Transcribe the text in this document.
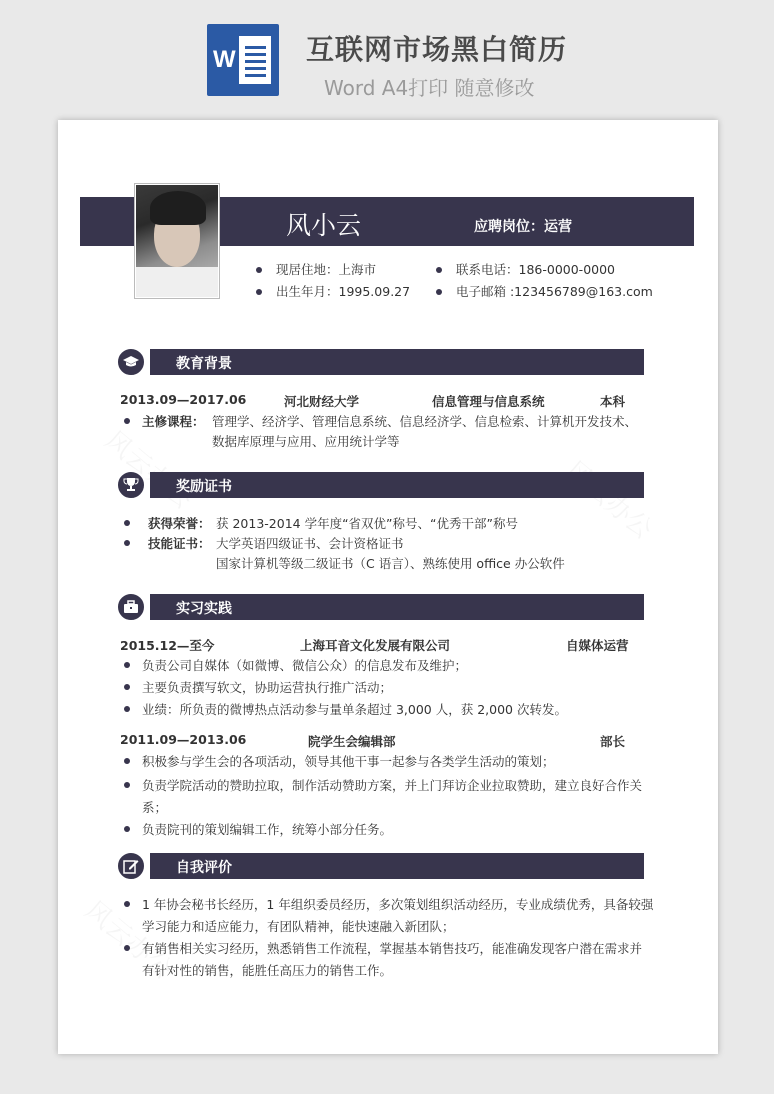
W	互联网市场黑白简历
Word A4打印 随意修改
风小云	应聘岗位：运营
现居住地：上海市
出生年月：1995.09.27
联系电话：186-0000-0000
电子邮箱 :123456789@163.com
教育背景
2013.09—2017.06	河北财经大学	信息管理与信息系统	本科
主修课程： 管理学、经济学、管理信息系统、信息经济学、信息检索、计算机开发技术、
数据库原理与应用、应用统计学等
奖励证书
获得荣誉： 获 2013-2014 学年度“省双优”称号、“优秀干部”称号
技能证书： 大学英语四级证书、会计资格证书
国家计算机等级二级证书（C 语言）、熟练使用 office 办公软件
实习实践
2015.12—至今	上海耳音文化发展有限公司	自媒体运营
负责公司自媒体（如微博、微信公众）的信息发布及维护；
主要负责撰写软文，协助运营执行推广活动；
业绩：所负责的微博热点活动参与量单条超过 3,000 人，获 2,000 次转发。
2011.09—2013.06	院学生会编辑部	部长
积极参与学生会的各项活动，领导其他干事一起参与各类学生活动的策划；
负责学院活动的赞助拉取，制作活动赞助方案，并上门拜访企业拉取赞助，建立良好合作关
系；
负责院刊的策划编辑工作，统筹小部分任务。
自我评价
1 年协会秘书长经历，1 年组织委员经历，多次策划组织活动经历，专业成绩优秀，具备较强
学习能力和适应能力，有团队精神，能快速融入新团队；
有销售相关实习经历，熟悉销售工作流程，掌握基本销售技巧，能准确发现客户潜在需求并
有针对性的销售，能胜任高压力的销售工作。
